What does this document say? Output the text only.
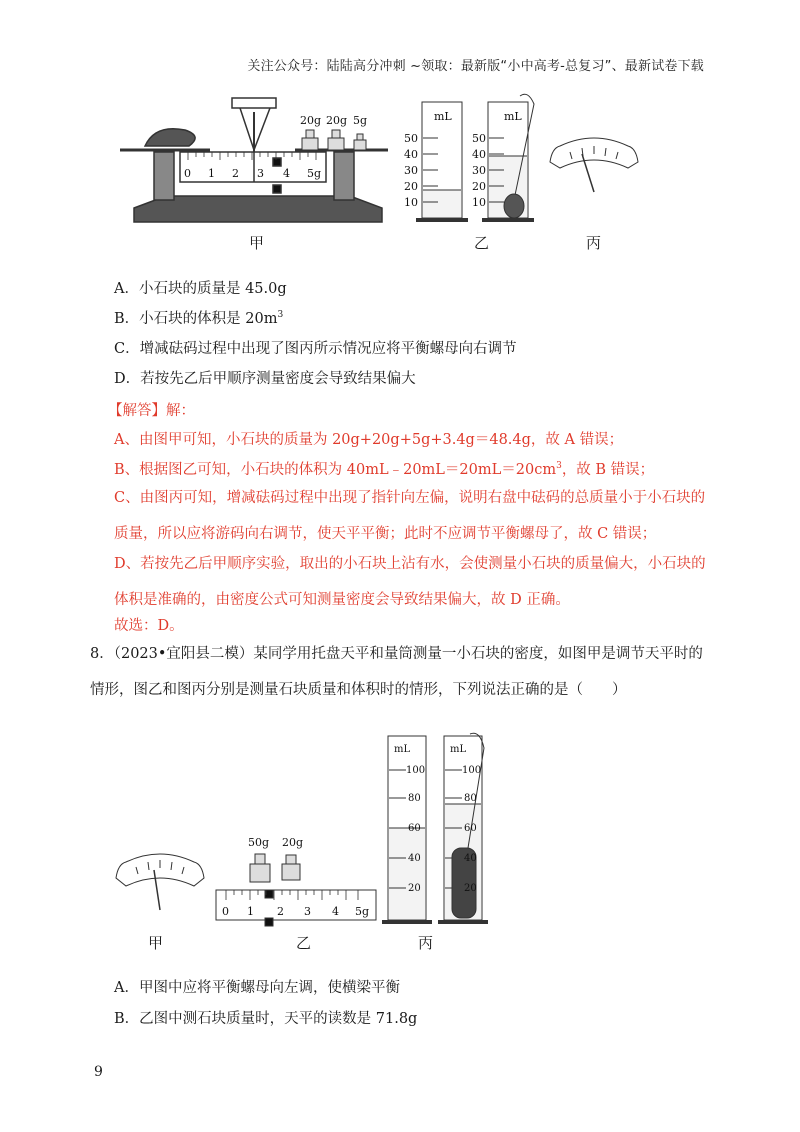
关注公众号：陆陆高分冲刺 ~领取：最新版“小中高考-总复习”、最新试卷下载
0 1 2 3 4 5g
20g 20g 5g	mL
50
40
30
20
10
mL
50
40
30
20
10
甲	乙	丙
A．小石块的质量是 45.0g
B．小石块的体积是 $20m^3$
C．增减砝码过程中出现了图丙所示情况应将平衡螺母向右调节
D．若按先乙后甲顺序测量密度会导致结果偏大
【解答】解：
A、由图甲可知，小石块的质量为 20g+20g+5g+3.4g＝48.4g，故 A 错误；
B、根据图乙可知，小石块的体积为 $40mL﹣20mL=20mL=20cm^3$，故 B 错误；
C、由图丙可知，增减砝码过程中出现了指针向左偏，说明右盘中砝码的总质量小于小石块的质量，所以应将游码向右调节，使天平平衡；此时不应调节平衡螺母了，故 C 错误；
D、若按先乙后甲顺序实验，取出的小石块上沾有水，会使测量小石块的质量偏大，小石块的体积是准确的，由密度公式可知测量密度会导致结果偏大，故 D 正确。
故选：D。
8．（2023•宜阳县二模）某同学用托盘天平和量筒测量一小石块的密度，如图甲是调节天平时的情形，图乙和图丙分别是测量石块质量和体积时的情形，下列说法正确的是（　　）
50g 20g
0 1 2 3 4 5g
mL
100
80
60
40
20
mL
100
80
60
40
20
甲	乙	丙
A．甲图中应将平衡螺母向左调，使横梁平衡
B．乙图中测石块质量时，天平的读数是 71.8g
9
